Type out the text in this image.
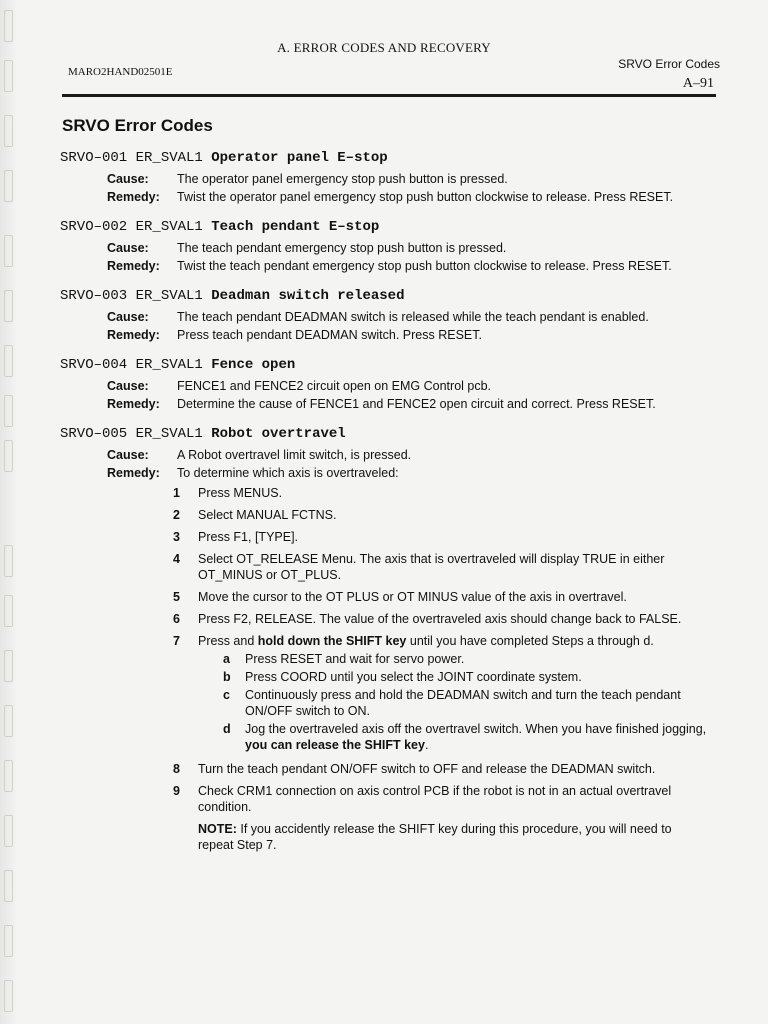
A. ERROR CODES AND RECOVERY
MARO2HAND02501E
SRVO Error Codes
A–91
SRVO Error Codes
SRVO–001 ER_SVAL1 Operator panel E–stop
Cause:	The operator panel emergency stop push button is pressed.
Remedy:	Twist the operator panel emergency stop push button clockwise to release. Press RESET.
SRVO–002 ER_SVAL1 Teach pendant E–stop
Cause:	The teach pendant emergency stop push button is pressed.
Remedy:	Twist the teach pendant emergency stop push button clockwise to release. Press RESET.
SRVO–003 ER_SVAL1 Deadman switch released
Cause:	The teach pendant DEADMAN switch is released while the teach pendant is enabled.
Remedy:	Press teach pendant DEADMAN switch. Press RESET.
SRVO–004 ER_SVAL1 Fence open
Cause:	FENCE1 and FENCE2 circuit open on EMG Control pcb.
Remedy:	Determine the cause of FENCE1 and FENCE2 open circuit and correct. Press RESET.
SRVO–005 ER_SVAL1 Robot overtravel
Cause:	A Robot overtravel limit switch, is pressed.
Remedy:	To determine which axis is overtraveled:
1	Press MENUS.
2	Select MANUAL FCTNS.
3	Press F1, [TYPE].
4	Select OT_RELEASE Menu. The axis that is overtraveled will display TRUE in either OT_MINUS or OT_PLUS.
5	Move the cursor to the OT PLUS or OT MINUS value of the axis in overtravel.
6	Press F2, RELEASE. The value of the overtraveled axis should change back to FALSE.
7	Press and hold down the SHIFT key until you have completed Steps a through d.
a	Press RESET and wait for servo power.
b	Press COORD until you select the JOINT coordinate system.
c	Continuously press and hold the DEADMAN switch and turn the teach pendant ON/OFF switch to ON.
d	Jog the overtraveled axis off the overtravel switch. When you have finished jogging, you can release the SHIFT key.
8	Turn the teach pendant ON/OFF switch to OFF and release the DEADMAN switch.
9	Check CRM1 connection on axis control PCB if the robot is not in an actual overtravel condition.
NOTE: If you accidently release the SHIFT key during this procedure, you will need to repeat Step 7.
